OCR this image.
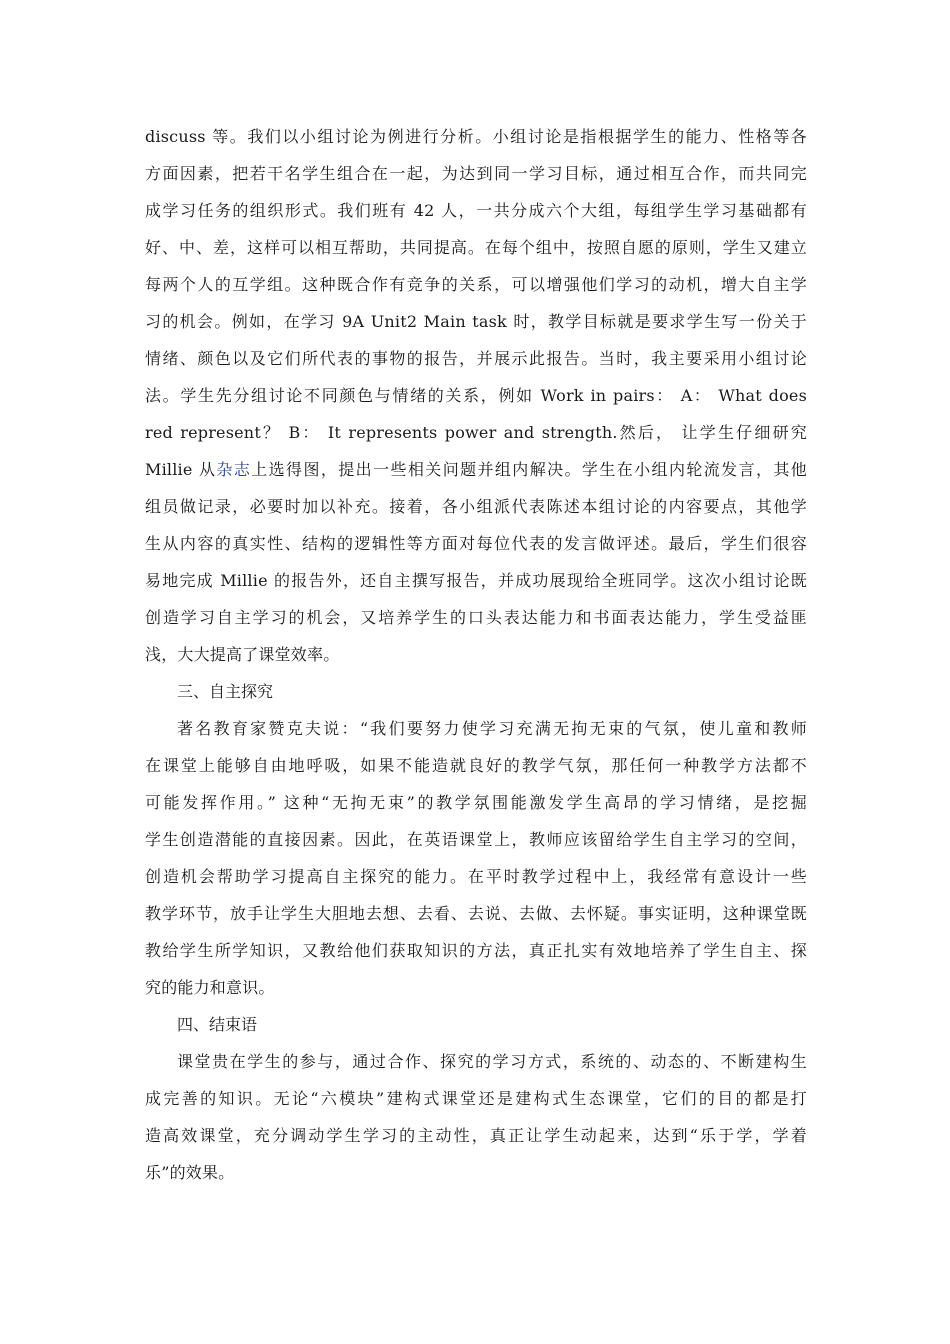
discuss 等。我们以小组讨论为例进行分析。小组讨论是指根据学生的能力、性格等各
方面因素，把若干名学生组合在一起，为达到同一学习目标，通过相互合作，而共同完
成学习任务的组织形式。我们班有 42 人，一共分成六个大组，每组学生学习基础都有
好、中、差，这样可以相互帮助，共同提高。在每个组中，按照自愿的原则，学生又建立
每两个人的互学组。这种既合作有竞争的关系，可以增强他们学习的动机，增大自主学
习的机会。例如，在学习 9A Unit2 Main task 时，教学目标就是要求学生写一份关于
情绪、颜色以及它们所代表的事物的报告，并展示此报告。当时，我主要采用小组讨论
法。学生先分组讨论不同颜色与情绪的关系，例如 Work in pairs： A： What does
red represent？ B： It represents power and strength.然后， 让学生仔细研究
Millie 从杂志上选得图，提出一些相关问题并组内解决。学生在小组内轮流发言，其他
组员做记录，必要时加以补充。接着，各小组派代表陈述本组讨论的内容要点，其他学
生从内容的真实性、结构的逻辑性等方面对每位代表的发言做评述。最后，学生们很容
易地完成 Millie 的报告外，还自主撰写报告，并成功展现给全班同学。这次小组讨论既
创造学习自主学习的机会，又培养学生的口头表达能力和书面表达能力，学生受益匪
浅，大大提高了课堂效率。
三、自主探究
著名教育家赞克夫说：“我们要努力使学习充满无拘无束的气氛，使儿童和教师
在课堂上能够自由地呼吸，如果不能造就良好的教学气氛，那任何一种教学方法都不
可能发挥作用。” 这种“无拘无束”的教学氛围能激发学生高昂的学习情绪，是挖掘
学生创造潜能的直接因素。因此，在英语课堂上，教师应该留给学生自主学习的空间，
创造机会帮助学习提高自主探究的能力。在平时教学过程中上，我经常有意设计一些
教学环节，放手让学生大胆地去想、去看、去说、去做、去怀疑。事实证明，这种课堂既
教给学生所学知识，又教给他们获取知识的方法，真正扎实有效地培养了学生自主、探
究的能力和意识。
四、结束语
课堂贵在学生的参与，通过合作、探究的学习方式，系统的、动态的、不断建构生
成完善的知识。无论“六模块”建构式课堂还是建构式生态课堂，它们的目的都是打
造高效课堂，充分调动学生学习的主动性，真正让学生动起来，达到“乐于学，学着
乐”的效果。
